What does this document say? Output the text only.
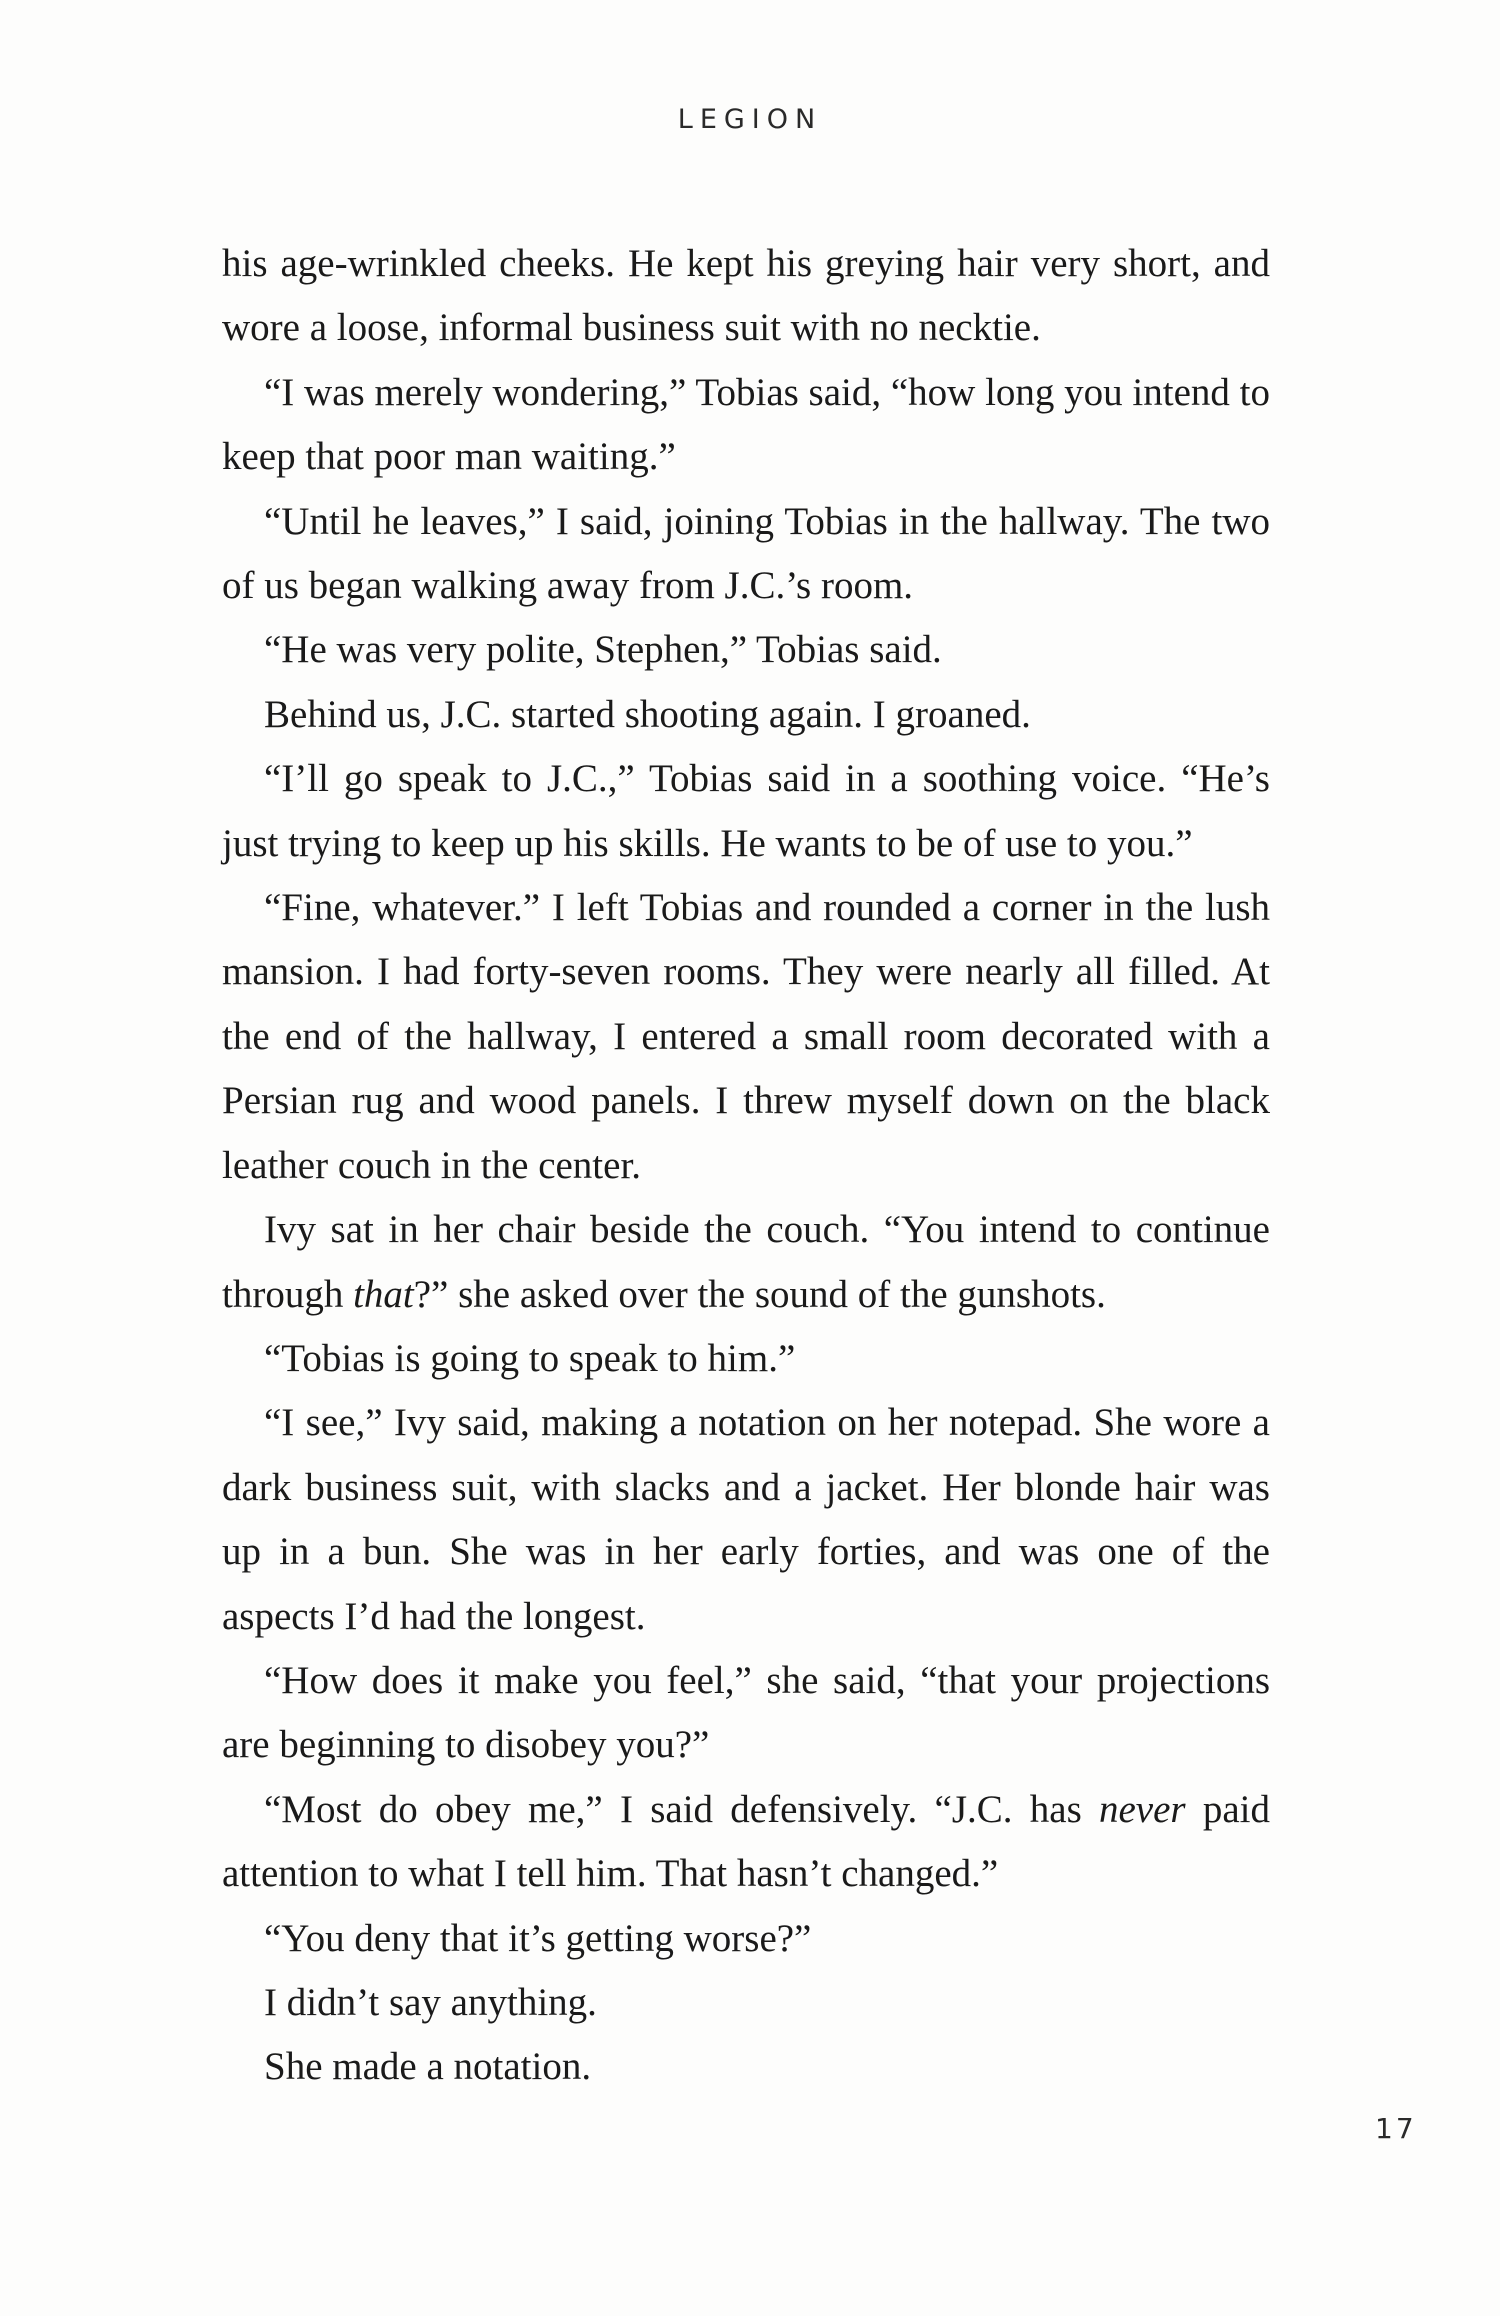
LEGION

his age-wrinkled cheeks. He kept his greying hair very short, and wore a loose, informal business suit with no necktie.

“I was merely wondering,” Tobias said, “how long you intend to keep that poor man waiting.”

“Until he leaves,” I said, joining Tobias in the hallway. The two of us began walking away from J.C.’s room.

“He was very polite, Stephen,” Tobias said.

Behind us, J.C. started shooting again. I groaned.

“I’ll go speak to J.C.,” Tobias said in a soothing voice. “He’s just trying to keep up his skills. He wants to be of use to you.”

“Fine, whatever.” I left Tobias and rounded a corner in the lush mansion. I had forty-seven rooms. They were nearly all filled. At the end of the hallway, I entered a small room decorated with a Persian rug and wood panels. I threw myself down on the black leather couch in the center.

Ivy sat in her chair beside the couch. “You intend to continue through that?” she asked over the sound of the gunshots.

“Tobias is going to speak to him.”

“I see,” Ivy said, making a notation on her notepad. She wore a dark business suit, with slacks and a jacket. Her blonde hair was up in a bun. She was in her early forties, and was one of the aspects I’d had the longest.

“How does it make you feel,” she said, “that your projections are beginning to disobey you?”

“Most do obey me,” I said defensively. “J.C. has never paid attention to what I tell him. That hasn’t changed.”

“You deny that it’s getting worse?”

I didn’t say anything.

She made a notation.

17
